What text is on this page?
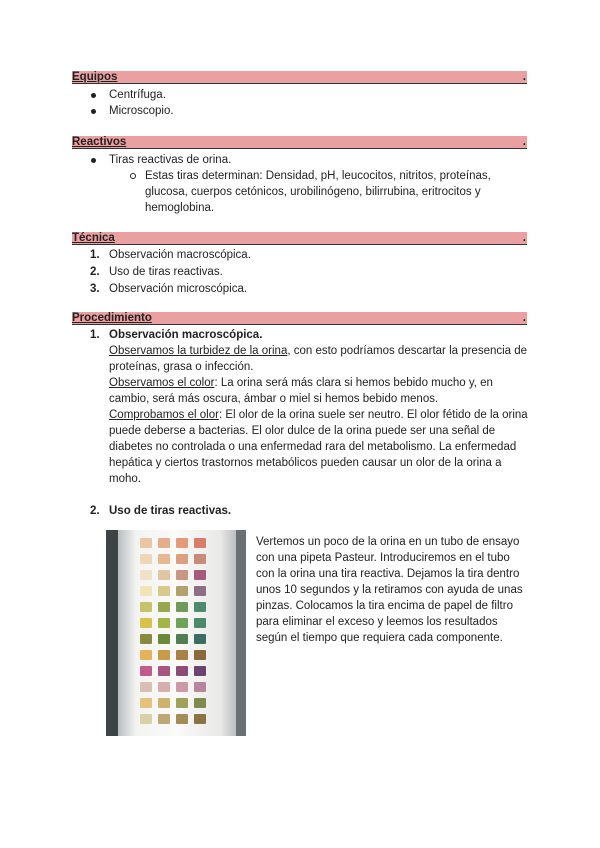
Equipos	.
Centrífuga.
Microscopio.
Reactivos	.
Tiras reactivas de orina.
Estas tiras determinan: Densidad, pH, leucocitos, nitritos, proteínas, glucosa, cuerpos cetónicos, urobilinógeno, bilirrubina, eritrocitos y hemoglobina.
Técnica	.
1. Observación macroscópica.
2. Uso de tiras reactivas.
3. Observación microscópica.
Procedimiento	.
1. Observación macroscópica.

Observamos la turbidez de la orina, con esto podríamos descartar la presencia de proteínas, grasa o infección.

Observamos el color: La orina será más clara si hemos bebido mucho y, en cambio, será más oscura, ámbar o miel si hemos bebido menos.

Comprobamos el olor: El olor de la orina suele ser neutro. El olor fétido de la orina puede deberse a bacterias. El olor dulce de la orina puede ser una señal de diabetes no controlada o una enfermedad rara del metabolismo. La enfermedad hepática y ciertos trastornos metabólicos pueden causar un olor de la orina a moho.

2. Uso de tiras reactivas.

Vertemos un poco de la orina en un tubo de ensayo con una pipeta Pasteur. Introduciremos en el tubo con la orina una tira reactiva. Dejamos la tira dentro unos 10 segundos y la retiramos con ayuda de unas pinzas. Colocamos la tira encima de papel de filtro para eliminar el exceso y leemos los resultados según el tiempo que requiera cada componente.
